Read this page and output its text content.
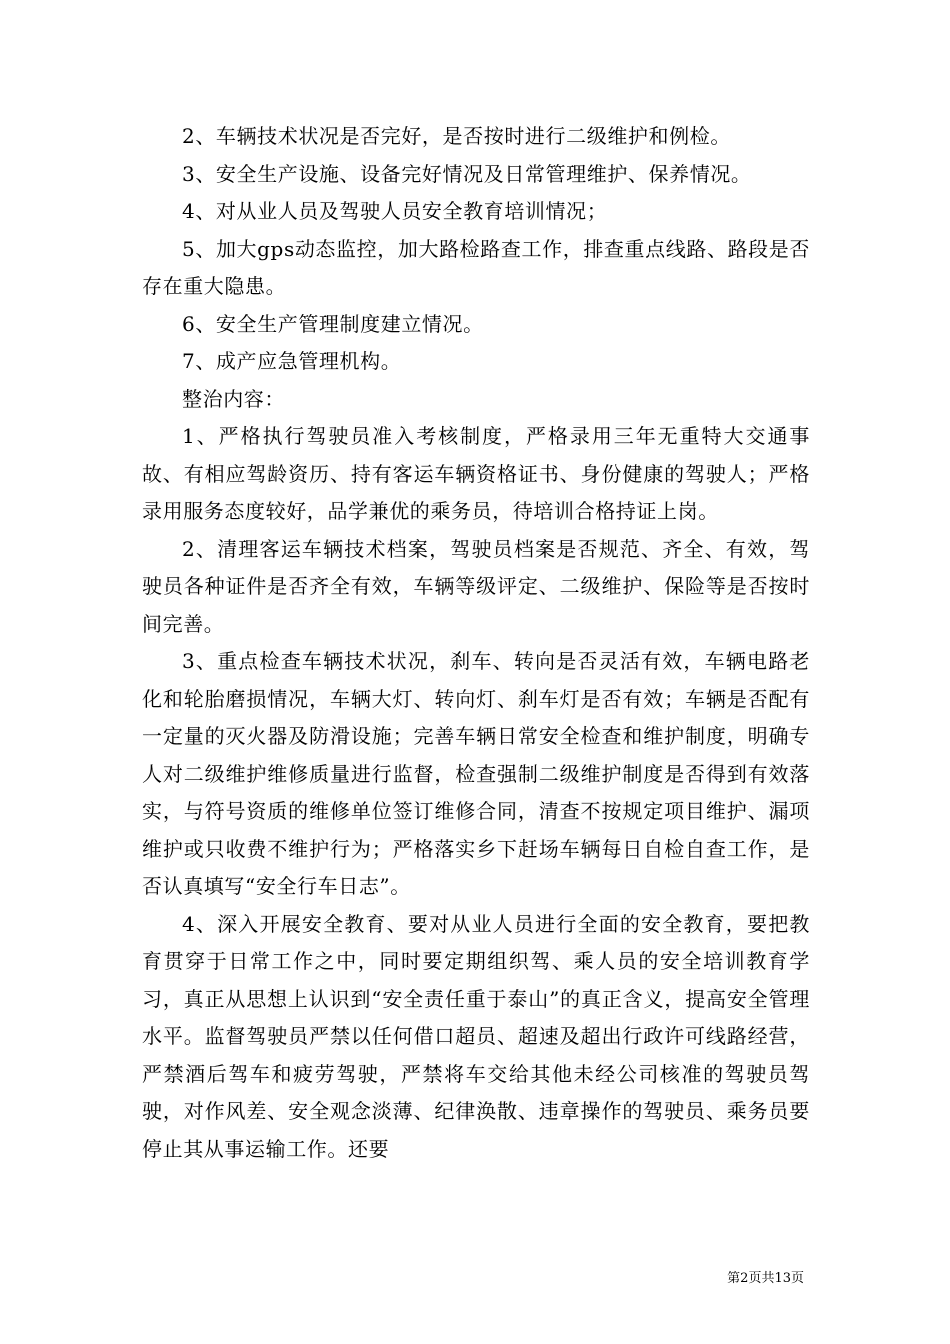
2、车辆技术状况是否完好，是否按时进行二级维护和例检。

3、安全生产设施、设备完好情况及日常管理维护、保养情况。

4、对从业人员及驾驶人员安全教育培训情况；

5、加大gps动态监控，加大路检路查工作，排查重点线路、路段是否存在重大隐患。

6、安全生产管理制度建立情况。

7、成产应急管理机构。

整治内容：

1、严格执行驾驶员准入考核制度，严格录用三年无重特大交通事故、有相应驾龄资历、持有客运车辆资格证书、身份健康的驾驶人；严格录用服务态度较好，品学兼优的乘务员，待培训合格持证上岗。

2、清理客运车辆技术档案，驾驶员档案是否规范、齐全、有效，驾驶员各种证件是否齐全有效，车辆等级评定、二级维护、保险等是否按时间完善。

3、重点检查车辆技术状况，刹车、转向是否灵活有效，车辆电路老化和轮胎磨损情况，车辆大灯、转向灯、刹车灯是否有效；车辆是否配有一定量的灭火器及防滑设施；完善车辆日常安全检查和维护制度，明确专人对二级维护维修质量进行监督，检查强制二级维护制度是否得到有效落实，与符号资质的维修单位签订维修合同，清查不按规定项目维护、漏项维护或只收费不维护行为；严格落实乡下赶场车辆每日自检自查工作，是否认真填写“安全行车日志”。

4、深入开展安全教育、要对从业人员进行全面的安全教育，要把教育贯穿于日常工作之中，同时要定期组织驾、乘人员的安全培训教育学习，真正从思想上认识到“安全责任重于泰山”的真正含义，提高安全管理水平。监督驾驶员严禁以任何借口超员、超速及超出行政许可线路经营，严禁酒后驾车和疲劳驾驶，严禁将车交给其他未经公司核准的驾驶员驾驶，对作风差、安全观念淡薄、纪律涣散、违章操作的驾驶员、乘务员要停止其从事运输工作。还要

第2页共13页
